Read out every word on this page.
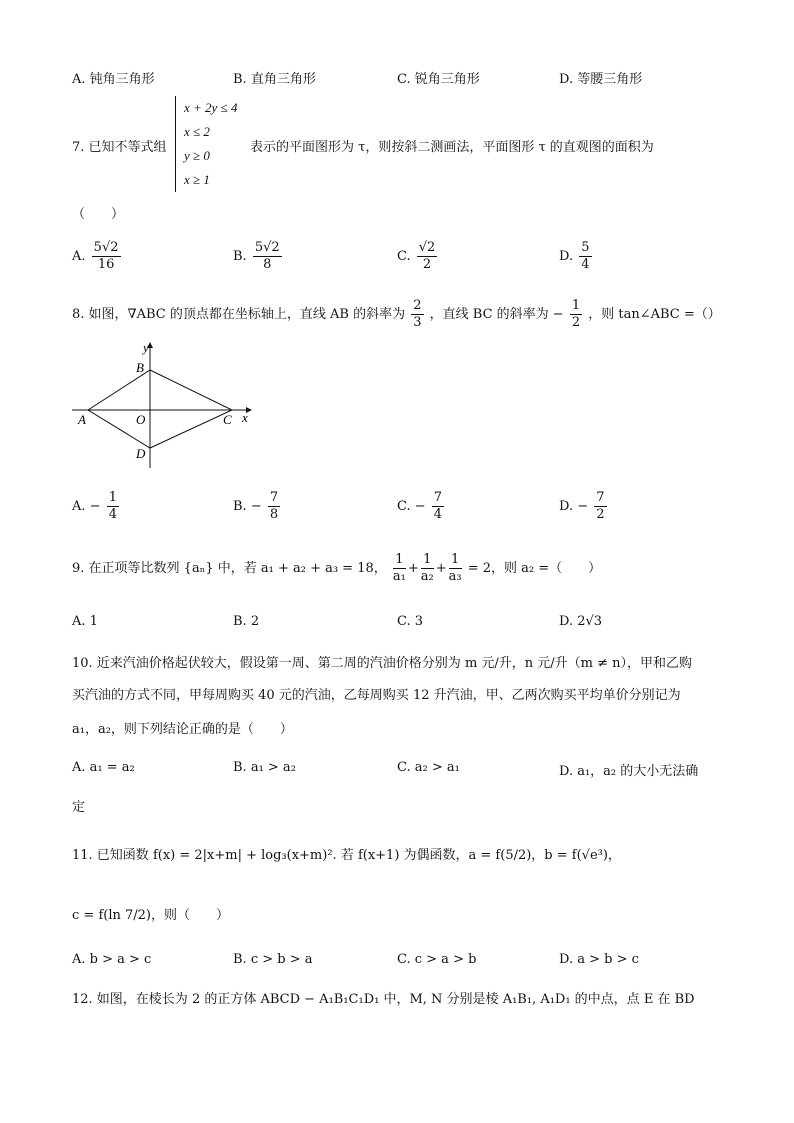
A. 钝角三角形	B. 直角三角形	C. 锐角三角形	D. 等腰三角形
7. 已知不等式组
x + 2y ≤ 4
x ≤ 2
y ≥ 0
x ≥ 1
表示的平面图形为 τ，则按斜二测画法，平面图形 τ 的直观图的面积为
（　　）
A. $\frac{5√2}{16}$	B. $\frac{5√2}{8}$	C. $\frac{√2}{2}$	D. $\frac{5}{4}$
8. 如图，∇ABC 的顶点都在坐标轴上，直线 AB 的斜率为 $\frac{2}{3}$ ，直线 BC 的斜率为 − $\frac{1}{2}$ ，则 tan∠ABC =（）
y
B
A	O	C x
D
A. − $\frac{1}{4}$	B. − $\frac{7}{8}$	C. − $\frac{7}{4}$	D. − $\frac{7}{2}$
9. 在正项等比数列 {aₙ} 中，若 a₁ + a₂ + a₃ = 18， $\frac{1}{\text{a₁}} + \frac{1}{\text{a₂}} + \frac{1}{\text{a₃}} = 2$，则 a₂ =（　　）
A. 1	B. 2	C. 3	D. 2√3
10. 近来汽油价格起伏较大，假设第一周、第二周的汽油价格分别为 m 元/升，n 元/升（m ≠ n），甲和乙购
买汽油的方式不同，甲每周购买 40 元的汽油，乙每周购买 12 升汽油，甲、乙两次购买平均单价分别记为
a₁，a₂，则下列结论正确的是（　　）
A. a₁ = a₂	B. a₁ > a₂	C. a₂ > a₁	D. a₁，a₂ 的大小无法确
定
11. 已知函数 f(x) = 2|x+m| + log₃(x+m)². 若 f(x+1) 为偶函数，a = f(5/2)，b = f(√e³)，
c = f(ln 7/2)，则（　　）
A. b > a > c	B. c > b > a	C. c > a > b	D. a > b > c
12. 如图，在棱长为 2 的正方体 ABCD − A₁B₁C₁D₁ 中，M, N 分别是棱 A₁B₁, A₁D₁ 的中点，点 E 在 BD
